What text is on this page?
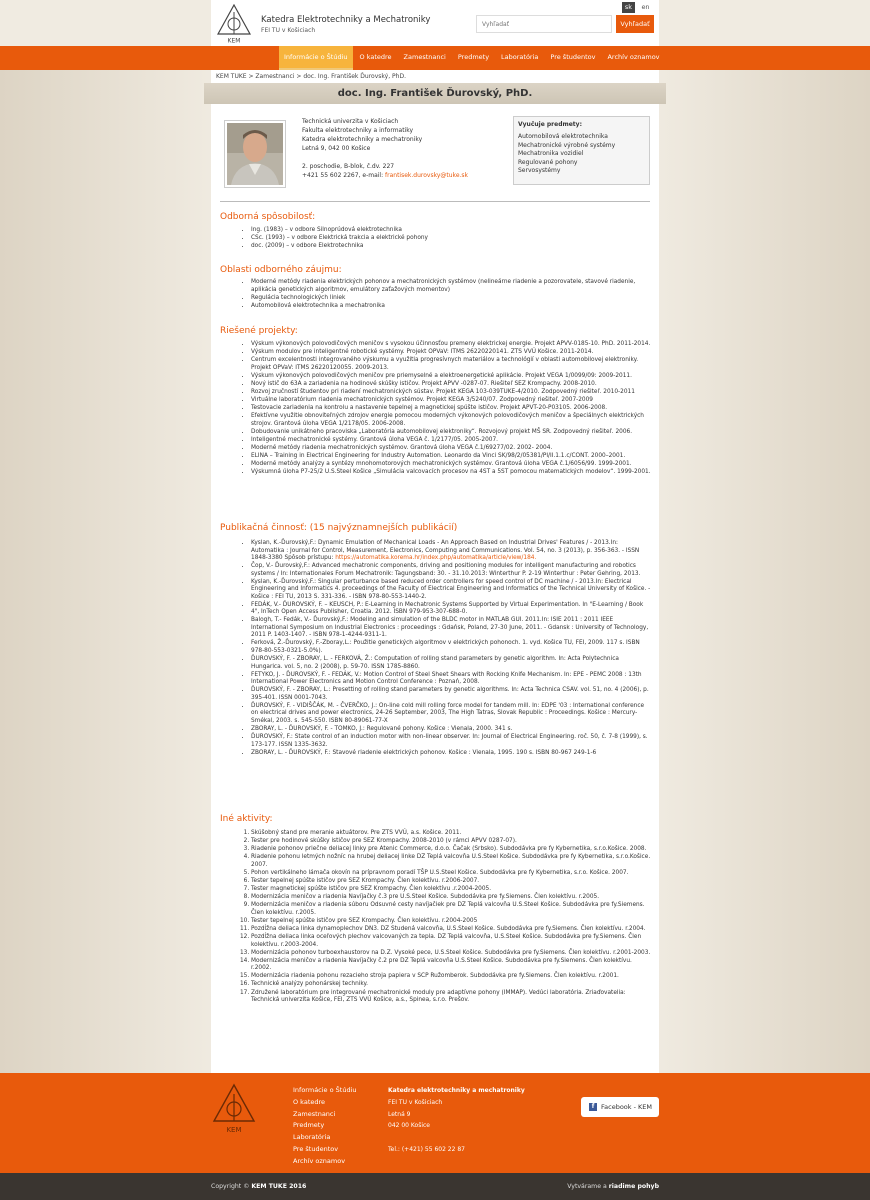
KEM
Katedra Elektrotechniky a Mechatroniky
FEI TU v Košiciach
sk	en
Vyhľadať
Vyhľadať
Informácie o Štúdiu	O katedre	Zamestnanci	Predmety	Laboratória	Pre študentov	Archív oznamov
KEM TUKE > Zamestnanci > doc. Ing. František Ďurovský, PhD.
doc. Ing. František Ďurovský, PhD.
Technická univerzita v Košiciach
Fakulta elektrotechniky a informatiky
Katedra elektrotechniky a mechatroniky
Letná 9, 042 00 Košice
2. poschodie, B-blok, č.dv. 227
+421 55 602 2267, e-mail: frantisek.durovsky@tuke.sk
Vyučuje predmety:
Automobilová elektrotechnika
Mechatronické výrobné systémy
Mechatronika vozidiel
Regulované pohony
Servosystémy
Odborná spôsobilosť:
• Ing. (1983) – v odbore Silnoprúdová elektrotechnika
• CSc. (1993) – v odbore Elektrická trakcia a elektrické pohony
• doc. (2009) – v odbore Elektrotechnika
Oblasti odborného záujmu:
• Moderné metódy riadenia elektrických pohonov a mechatronických systémov (nelineárne riadenie a pozorovatele, stavové riadenie, aplikácia genetických algoritmov, emulátory zaťažových momentov)
• Regulácia technologických liniek
• Automobilová elektrotechnika a mechatronika
Riešené projekty:
• Výskum výkonových polovodičových meničov s vysokou účinnosťou premeny elektrickej energie. Projekt APVV-0185-10. PhD. 2011-2014.
• Výskum modulov pre inteligentné robotické systémy. Projekt OPVaV: ITMS 26220220141. ZTS VVÚ Košice. 2011-2014.
• Centrum excelentnosti integrovaného výskumu a využitia progresívnych materiálov a technológií v oblasti automobilovej elektroniky. Projekt OPVaV: ITMS 26220120055. 2009-2013.
• Výskum výkonových polovodičových meničov pre priemyselné a elektroenergetické aplikácie. Projekt VEGA 1/0099/09: 2009-2011.
• Nový istič do 63A a zariadenia na hodinové skúšky ističov. Projekt APVV -0287-07. Riešiteľ SEZ Krompachy. 2008-2010.
• Rozvoj zručností študentov pri riadení mechatronických sústav. Projekt KEGA 103-039TUKE-4/2010. Zodpovedný riešiteľ. 2010-2011
• Virtuálne laboratórium riadenia mechatronických systémov. Projekt KEGA 3/5240/07. Zodpovedný riešiteľ. 2007-2009
• Testovacie zariadenia na kontrolu a nastavenie tepelnej a magnetickej spúšte ističov. Projekt APVT-20-P03105. 2006-2008.
• Efektívne využitie obnoviteľných zdrojov energie pomocou moderných výkonových polovodičových meničov a špeciálnych elektrických strojov. Grantová úloha VEGA 1/2178/05. 2006-2008.
• Dobudovanie unikátneho pracoviska „Laboratória automobilovej elektroniky“. Rozvojový projekt MŠ SR. Zodpovedný riešiteľ. 2006.
• Inteligentné mechatronické systémy. Grantová úloha VEGA č. 1/2177/05. 2005-2007.
• Moderné metódy riadenia mechatronických systémov. Grantová úloha VEGA č.1/69277/02. 2002- 2004.
• ELINA – Training in Electrical Engineering for Industry Automation. Leonardo da Vinci SK/98/2/05381/PI/II.1.1.c/CONT. 2000–2001.
• Moderné metódy analýzy a syntézy mnohomotorových mechatronických systémov. Grantová úloha VEGA č.1/6056/99. 1999-2001.
• Výskumná úloha P7-25/2 U.S.Steel Košice „Simulácia valcovacích procesov na 4ST a 5ST pomocou matematických modelov“. 1999-2001.
Publikačná činnosť: (15 najvýznamnejších publikácií)
• Kyslan, K.-Ďurovský,F.: Dynamic Emulation of Mechanical Loads - An Approach Based on Industrial Drives' Features / - 2013.In: Automatika : Journal for Control, Measurement, Electronics, Computing and Communications. Vol. 54, no. 3 (2013), p. 356-363. - ISSN 1848-3380 Spôsob prístupu: https://automatika.korema.hr/index.php/automatika/article/view/184.
• Čop, V.- Ďurovský,F.: Advanced mechatronic components, driving and positioning modules for intelligent manufacturing and robotics systems / In: Internationales Forum Mechatronik: Tagungsband: 30. - 31.10.2013: Winterthur P. 2-19 Winterthur : Peter Gehring, 2013.
• Kyslan, K.-Ďurovský,F.: Singular perturbance based reduced order controllers for speed control of DC machine / - 2013.In: Electrical Engineering and Informatics 4. proceedings of the Faculty of Electrical Engineering and Informatics of the Technical University of Košice. - Košice : FEI TU, 2013 S. 331-336. - ISBN 978-80-553-1440-2.
• FEDÁK, V.- ĎUROVSKÝ, F. – KEUSCH, P.: E-Learning in Mechatronic Systems Supported by Virtual Experimentation. In "E-Learning / Book 4", InTech Open Access Publisher, Croatia. 2012. ISBN 979-953-307-688-0.
• Balogh, T.- Fedák, V.- Ďurovský,F.: Modeling and simulation of the BLDC motor in MATLAB GUI. 2011.In: ISIE 2011 : 2011 IEEE International Symposium on Industrial Electronics : proceedings : Gdańsk, Poland, 27-30 June, 2011. - Gdansk : University of Technology, 2011 P. 1403-1407. - ISBN 978-1-4244-9311-1.
• Ferková, Ž.-Ďurovský, F.-Zboray,L.: Použitie genetických algoritmov v elektrických pohonoch. 1. vyd. Košice TU, FEI, 2009. 117 s. ISBN 978-80-553-0321-5.0%).
• ĎUROVSKÝ, F. - ZBORAY, L. - FERKOVÁ, Ž.: Computation of rolling stand parameters by genetic algorithm. In: Acta Polytechnica Hungarica. vol. 5, no. 2 (2008), p. 59-70. ISSN 1785-8860.
• FETYKO, J. - ĎUROVSKÝ, F. - FEDÁK, V.: Motion Control of Steel Sheet Shears with Rocking Knife Mechanism. In: EPE - PEMC 2008 : 13th International Power Electronics and Motion Control Conference : Poznań, 2008.
• ĎUROVSKÝ, F. - ZBORAY, L.: Presetting of rolling stand parameters by genetic algorithms. In: Acta Technica CSAV. vol. 51, no. 4 (2006), p. 395-401. ISSN 0001-7043.
• ĎUROVSKÝ, F. - VIDIŠČÁK, M. - ČVERČKO, J.: On-line cold mill rolling force model for tandem mill. In: EDPE '03 : International conference on electrical drives and power electronics, 24-26 September, 2003, The High Tatras, Slovak Republic : Proceedings. Košice : Mercury-Smékal, 2003. s. 545-550. ISBN 80-89061-77-X
• ZBORAY, L. - ĎUROVSKÝ, F. - TOMKO, J.: Regulované pohony. Košice : Vienala, 2000. 341 s.
• ĎUROVSKÝ, F.: State control of an induction motor with non-linear observer. In: Journal of Electrical Engineering. roč. 50, č. 7-8 (1999), s. 173-177. ISSN 1335-3632.
• ZBORAY, L. - ĎUROVSKÝ, F.: Stavové riadenie elektrických pohonov. Košice : Vienala, 1995. 190 s. ISBN 80-967 249-1-6
Iné aktivity:
1. Skúšobný stand pre meranie aktuátorov. Pre ZTS VVÚ, a.s. Košice. 2011.
2. Tester pre hodinové skúšky ističov pre SEZ Krompachy. 2008-2010 (v rámci APVV 0287-07).
3. Riadenie pohonov priečne deliacej linky pre Atenic Commerce, d.o.o. Čačak (Srbsko). Subdodávka pre fy Kybernetika, s.r.o.Košice. 2008.
4. Riadenie pohonu letmých nožníc na hrubej deliacej linke DZ Teplá valcovňa U.S.Steel Košice. Subdodávka pre fy Kybernetika, s.r.o.Košice. 2007.
5. Pohon vertikálneho lámača okovín na prípravnom poradí TŠP U.S.Steel Košice. Subdodávka pre fy Kybernetika, s.r.o. Košice. 2007.
6. Tester tepelnej spúšte ističov pre SEZ Krompachy. Člen kolektívu. r.2006-2007.
7. Tester magnetickej spúšte ističov pre SEZ Krompachy. Člen kolektívu .r.2004-2005.
8. Modernizácia meničov a riadenia Navíjačky č.3 pre U.S.Steel Košice. Subdodávka pre fy.Siemens. Člen kolektívu. r.2005.
9. Modernizácia meničov a riadenia súboru Odsuvné cesty navíjačiek pre DZ Teplá valcovňa U.S.Steel Košice. Subdodávka pre fy.Siemens. Člen kolektívu. r.2005.
10. Tester tepelnej spúšte ističov pre SEZ Krompachy. Člen kolektívu. r.2004-2005
11. Pozdĺžna deliaca linka dynamoplechov DN3. DZ Studená valcovňa, U.S.Steel Košice. Subdodávka pre fy.Siemens. Člen kolektívu. r.2004.
12. Pozdĺžna deliaca linka oceľových plechov valcovaných za tepla. DZ Teplá valcovňa, U.S.Steel Košice. Subdodávka pre fy.Siemens. Člen kolektívu. r.2003-2004.
13. Modernizácia pohonov turboexhaustorov na D.Z. Vysoké pece, U.S.Steel Košice. Subdodávka pre fy.Siemens. Člen kolektívu. r.2001-2003.
14. Modernizácia meničov a riadenia Navíjačky č.2 pre DZ Teplá valcovňa U.S.Steel Košice. Subdodávka pre fy.Siemens. Člen kolektívu. r.2002.
15. Modernizácia riadenia pohonu rezacieho stroja papiera v SCP Ružomberok. Subdodávka pre fy.Siemens. Člen kolektívu. r.2001.
16. Technické analýzy pohonárskej techniky.
17. Združené laboratórium pre integrované mechatronické moduly pre adaptívne pohony (IMMAP). Vedúci laboratória. Zriaďovatelia: Technická univerzita Košice, FEI, ZTS VVÚ Košice, a.s., Spinea, s.r.o. Prešov.
KEM
Informácie o Štúdiu
O katedre
Zamestnanci
Predmety
Laboratória
Pre študentov
Archív oznamov
Katedra elektrotechniky a mechatroniky
FEI TU v Košiciach
Letná 9
042 00 Košice
Tel.: (+421) 55 602 22 87
f	Facebook - KEM
Copyright © KEM TUKE 2016	Vytvárame a riadime pohyb
